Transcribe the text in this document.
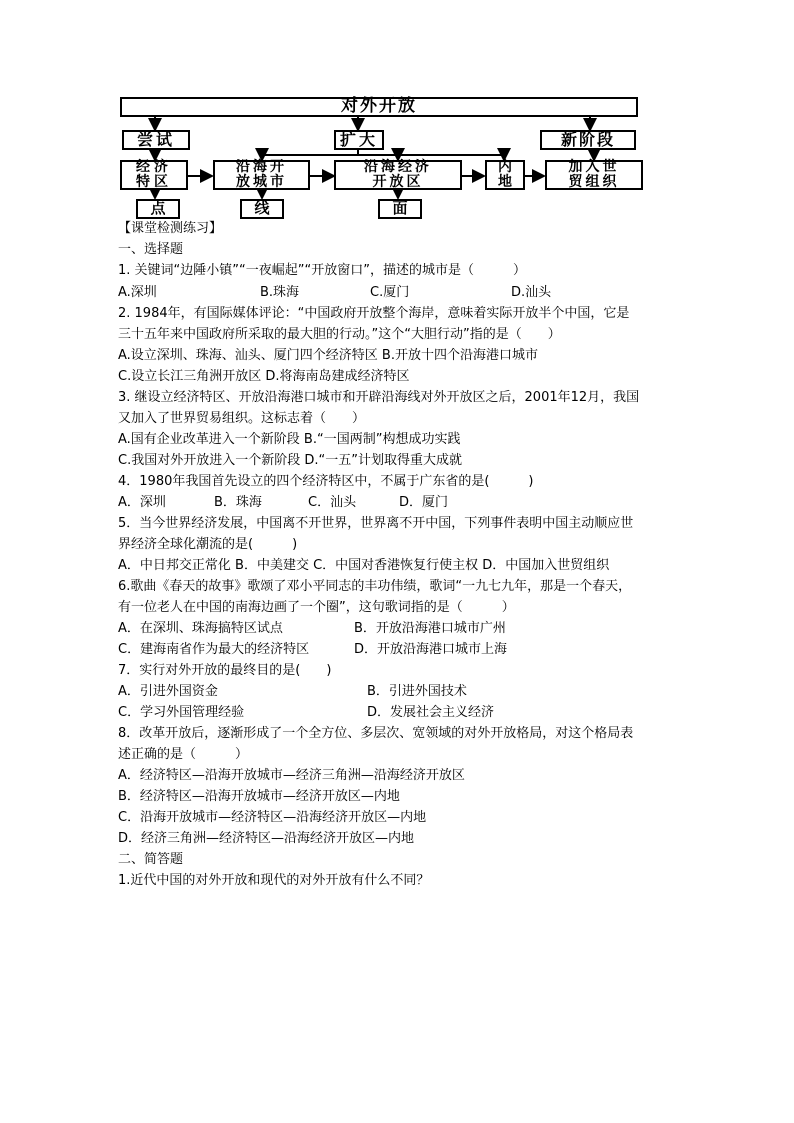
对外开放
尝试	扩大	新阶段
经济
特区
沿海开
放城市
沿海经济
开放区
内
地
加入世
贸组织
点	线	面
【课堂检测练习】
一、选择题
1. 关键词“边陲小镇”“一夜崛起”“开放窗口”，描述的城市是（　　　）
A.深圳	B.珠海	C.厦门	D.汕头
2. 1984年，有国际媒体评论：“中国政府开放整个海岸，意味着实际开放半个中国，它是
三十五年来中国政府所采取的最大胆的行动。”这个“大胆行动”指的是（　　）
A.设立深圳、珠海、汕头、厦门四个经济特区 B.开放十四个沿海港口城市
C.设立长江三角洲开放区 D.将海南岛建成经济特区
3. 继设立经济特区、开放沿海港口城市和开辟沿海线对外开放区之后，2001年12月，我国
又加入了世界贸易组织。这标志着（　　）
A.国有企业改革进入一个新阶段 B.“一国两制”构想成功实践
C.我国对外开放进入一个新阶段 D.“一五”计划取得重大成就
4．1980年我国首先设立的四个经济特区中，不属于广东省的是(　　　)
A．深圳	B．珠海	C．汕头	D．厦门
5．当今世界经济发展，中国离不开世界，世界离不开中国，下列事件表明中国主动顺应世
界经济全球化潮流的是(　　　)
A．中日邦交正常化 B．中美建交 C．中国对香港恢复行使主权 D．中国加入世贸组织
6.歌曲《春天的故事》歌颂了邓小平同志的丰功伟绩，歌词“一九七九年，那是一个春天，
有一位老人在中国的南海边画了一个圈”，这句歌词指的是（　　　）
A．在深圳、珠海搞特区试点	B．开放沿海港口城市广州
C．建海南省作为最大的经济特区	D．开放沿海港口城市上海
7．实行对外开放的最终目的是(　　)
A．引进外国资金	B．引进外国技术
C．学习外国管理经验	D．发展社会主义经济
8．改革开放后，逐渐形成了一个全方位、多层次、宽领域的对外开放格局，对这个格局表
述正确的是（　　　）
A．经济特区—沿海开放城市—经济三角洲—沿海经济开放区
B．经济特区—沿海开放城市—经济开放区—内地
C．沿海开放城市—经济特区—沿海经济开放区—内地
D．经济三角洲—经济特区—沿海经济开放区—内地
二、简答题
1.近代中国的对外开放和现代的对外开放有什么不同？
